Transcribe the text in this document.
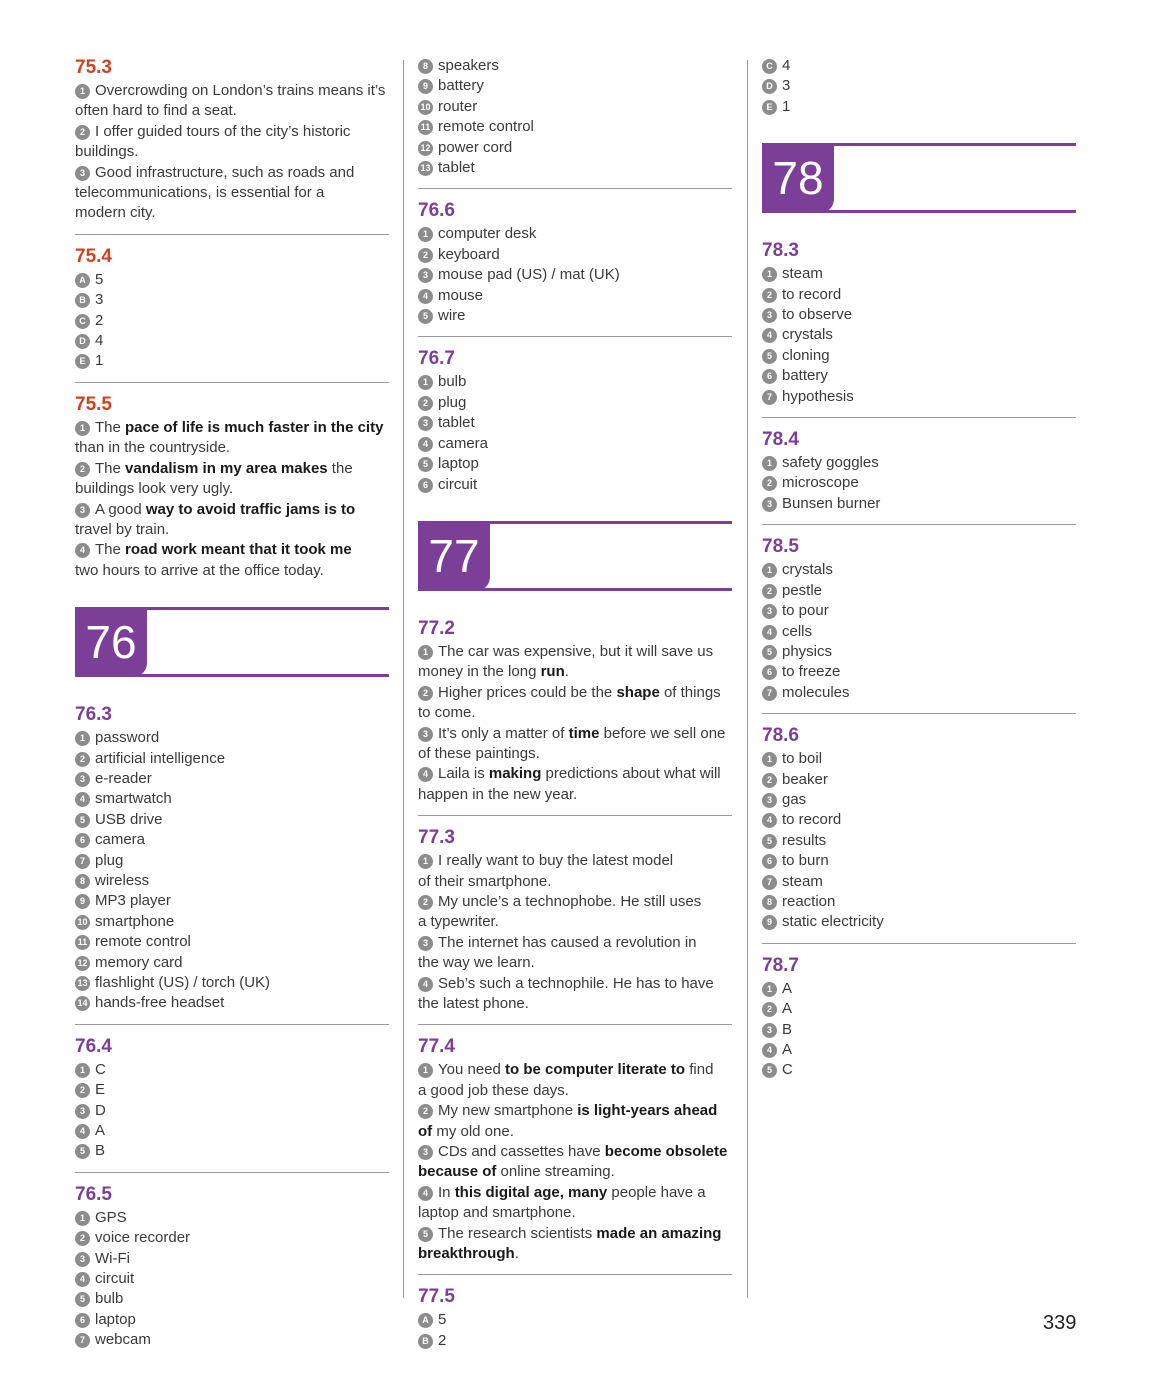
75.3
1 Overcrowding on London’s trains means it’s
often hard to find a seat.
2 I offer guided tours of the city’s historic
buildings.
3 Good infrastructure, such as roads and
telecommunications, is essential for a
modern city.
75.4
A 5
B 3
C 2
D 4
E 1
75.5
1 The pace of life is much faster in the city
than in the countryside.
2 The vandalism in my area makes the
buildings look very ugly.
3 A good way to avoid traffic jams is to
travel by train.
4 The road work meant that it took me
two hours to arrive at the office today.
76
76.3
1 password
2 artificial intelligence
3 e-reader
4 smartwatch
5 USB drive
6 camera
7 plug
8 wireless
9 MP3 player
10 smartphone
11 remote control
12 memory card
13 flashlight (US) / torch (UK)
14 hands-free headset
76.4
1 C
2 E
3 D
4 A
5 B
76.5
1 GPS
2 voice recorder
3 Wi-Fi
4 circuit
5 bulb
6 laptop
7 webcam
8 speakers
9 battery
10 router
11 remote control
12 power cord
13 tablet
76.6
1 computer desk
2 keyboard
3 mouse pad (US) / mat (UK)
4 mouse
5 wire
76.7
1 bulb
2 plug
3 tablet
4 camera
5 laptop
6 circuit
77
77.2
1 The car was expensive, but it will save us
money in the long run.
2 Higher prices could be the shape of things
to come.
3 It’s only a matter of time before we sell one
of these paintings.
4 Laila is making predictions about what will
happen in the new year.
77.3
1 I really want to buy the latest model
of their smartphone.
2 My uncle’s a technophobe. He still uses
a typewriter.
3 The internet has caused a revolution in
the way we learn.
4 Seb’s such a technophile. He has to have
the latest phone.
77.4
1 You need to be computer literate to find
a good job these days.
2 My new smartphone is light-years ahead
of my old one.
3 CDs and cassettes have become obsolete
because of online streaming.
4 In this digital age, many people have a
laptop and smartphone.
5 The research scientists made an amazing
breakthrough.
77.5
A 5
B 2
C 4
D 3
E 1
78
78.3
1 steam
2 to record
3 to observe
4 crystals
5 cloning
6 battery
7 hypothesis
78.4
1 safety goggles
2 microscope
3 Bunsen burner
78.5
1 crystals
2 pestle
3 to pour
4 cells
5 physics
6 to freeze
7 molecules
78.6
1 to boil
2 beaker
3 gas
4 to record
5 results
6 to burn
7 steam
8 reaction
9 static electricity
78.7
1 A
2 A
3 B
4 A
5 C
339
